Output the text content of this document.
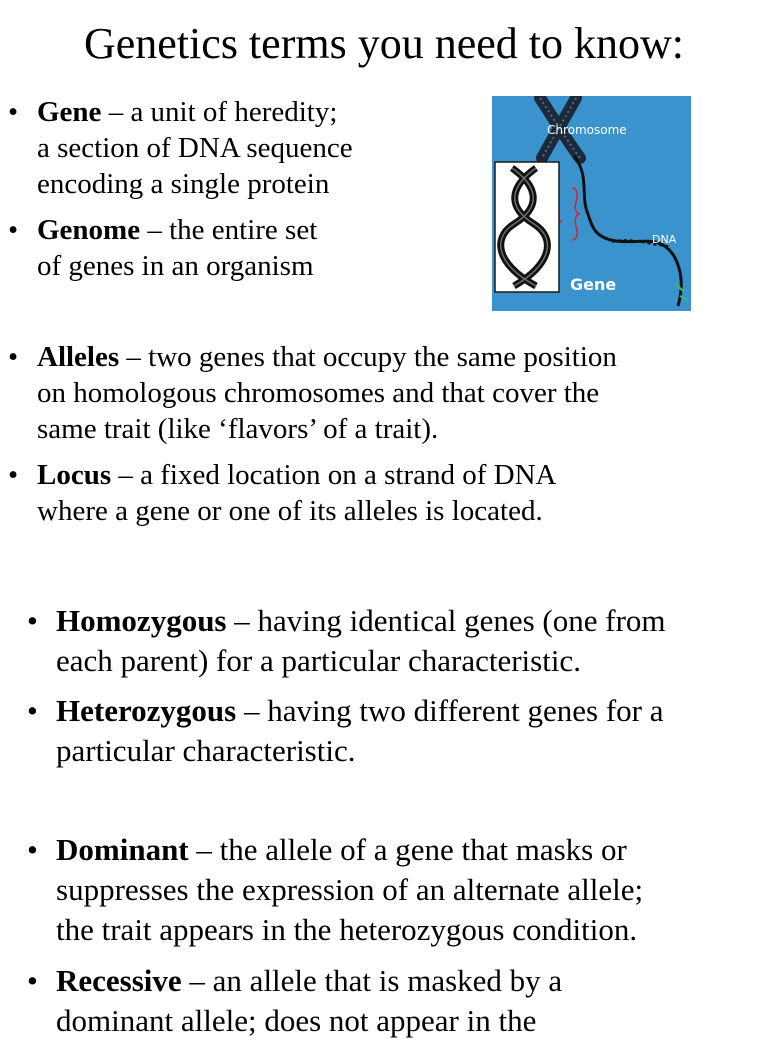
Genetics terms you need to know:
• Gene – a unit of heredity;
a section of DNA sequence
encoding a single protein
• Genome – the entire set
of genes in an organism
• Alleles – two genes that occupy the same position
on homologous chromosomes and that cover the
same trait (like ‘flavors’ of a trait).
• Locus – a fixed location on a strand of DNA
where a gene or one of its alleles is located.
• Homozygous – having identical genes (one from
each parent) for a particular characteristic.
• Heterozygous – having two different genes for a
particular characteristic.
• Dominant – the allele of a gene that masks or
suppresses the expression of an alternate allele;
the trait appears in the heterozygous condition.
• Recessive – an allele that is masked by a
dominant allele; does not appear in the
Chromosome
DNA
Gene
